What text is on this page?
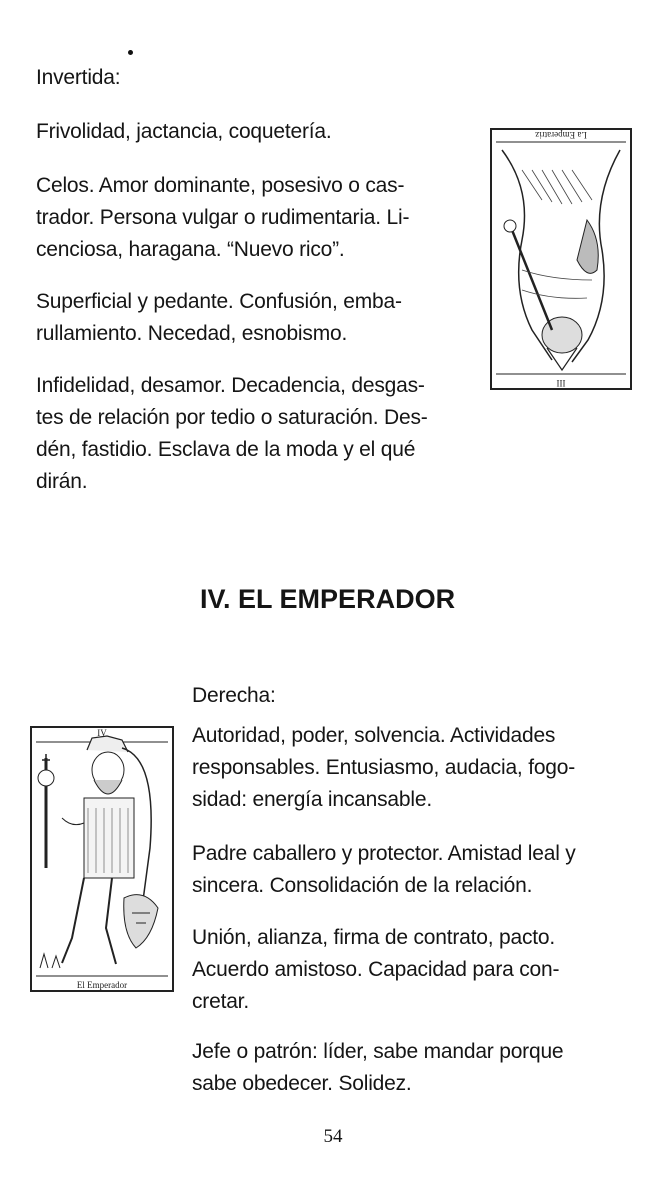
Invertida:

Frivolidad, jactancia, coquetería.

Celos. Amor dominante, posesivo o cas-

trador. Persona vulgar o rudimentaria. Li-

cenciosa, haragana. “Nuevo rico”.

Superficial y pedante. Confusión, emba-

rullamiento. Necedad, esnobismo.

Infidelidad, desamor. Decadencia, desgas-

tes de relación por tedio o saturación. Des-

dén, fastidio. Esclava de la moda y el qué

dirán.

La Emperatriz
III
IV. EL EMPERADOR

Derecha:

Autoridad, poder, solvencia. Actividades

responsables. Entusiasmo, audacia, fogo-

sidad: energía incansable.

Padre caballero y protector. Amistad leal y

sincera. Consolidación de la relación.

Unión, alianza, firma de contrato, pacto.

Acuerdo amistoso. Capacidad para con-

cretar.

Jefe o patrón: líder, sabe mandar porque

sabe obedecer. Solidez.

IV
El Emperador
54
